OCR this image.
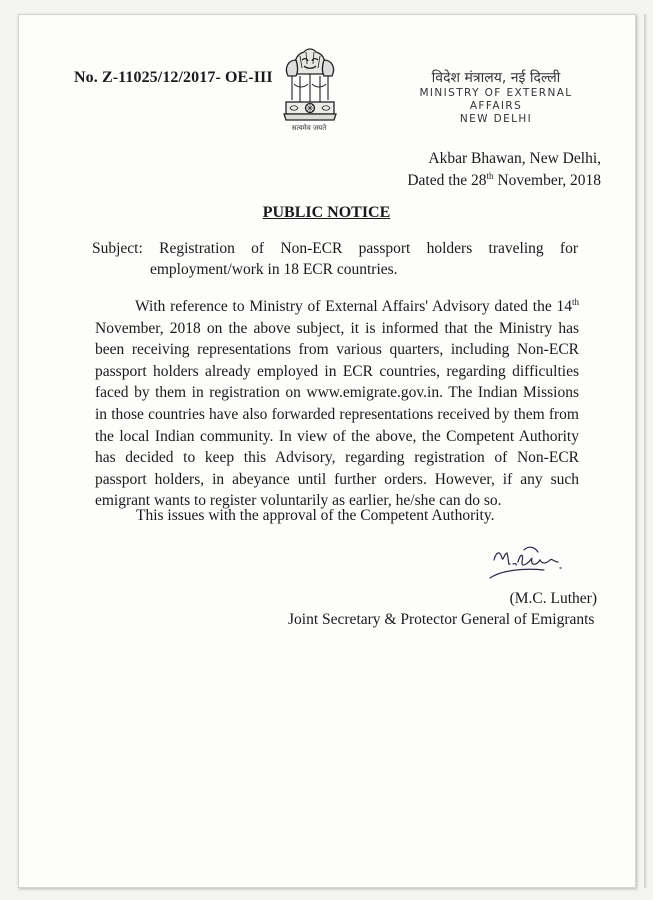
No. Z-11025/12/2017- OE-III
सत्यमेव जयते
विदेश मंत्रालय, नई दिल्ली
MINISTRY OF EXTERNAL AFFAIRS
NEW DELHI
Akbar Bhawan, New Delhi,
Dated the 28th November, 2018
PUBLIC NOTICE
Subject: Registration of Non-ECR passport holders traveling for
employment/work in 18 ECR countries.
With reference to Ministry of External Affairs' Advisory dated the 14th November, 2018 on the above subject, it is informed that the Ministry has been receiving representations from various quarters, including Non-ECR passport holders already employed in ECR countries, regarding difficulties faced by them in registration on www.emigrate.gov.in. The Indian Missions in those countries have also forwarded representations received by them from the local Indian community. In view of the above, the Competent Authority has decided to keep this Advisory, regarding registration of Non-ECR passport holders, in abeyance until further orders. However, if any such emigrant wants to register voluntarily as earlier, he/she can do so.
This issues with the approval of the Competent Authority.
(M.C. Luther)
Joint Secretary & Protector General of Emigrants
